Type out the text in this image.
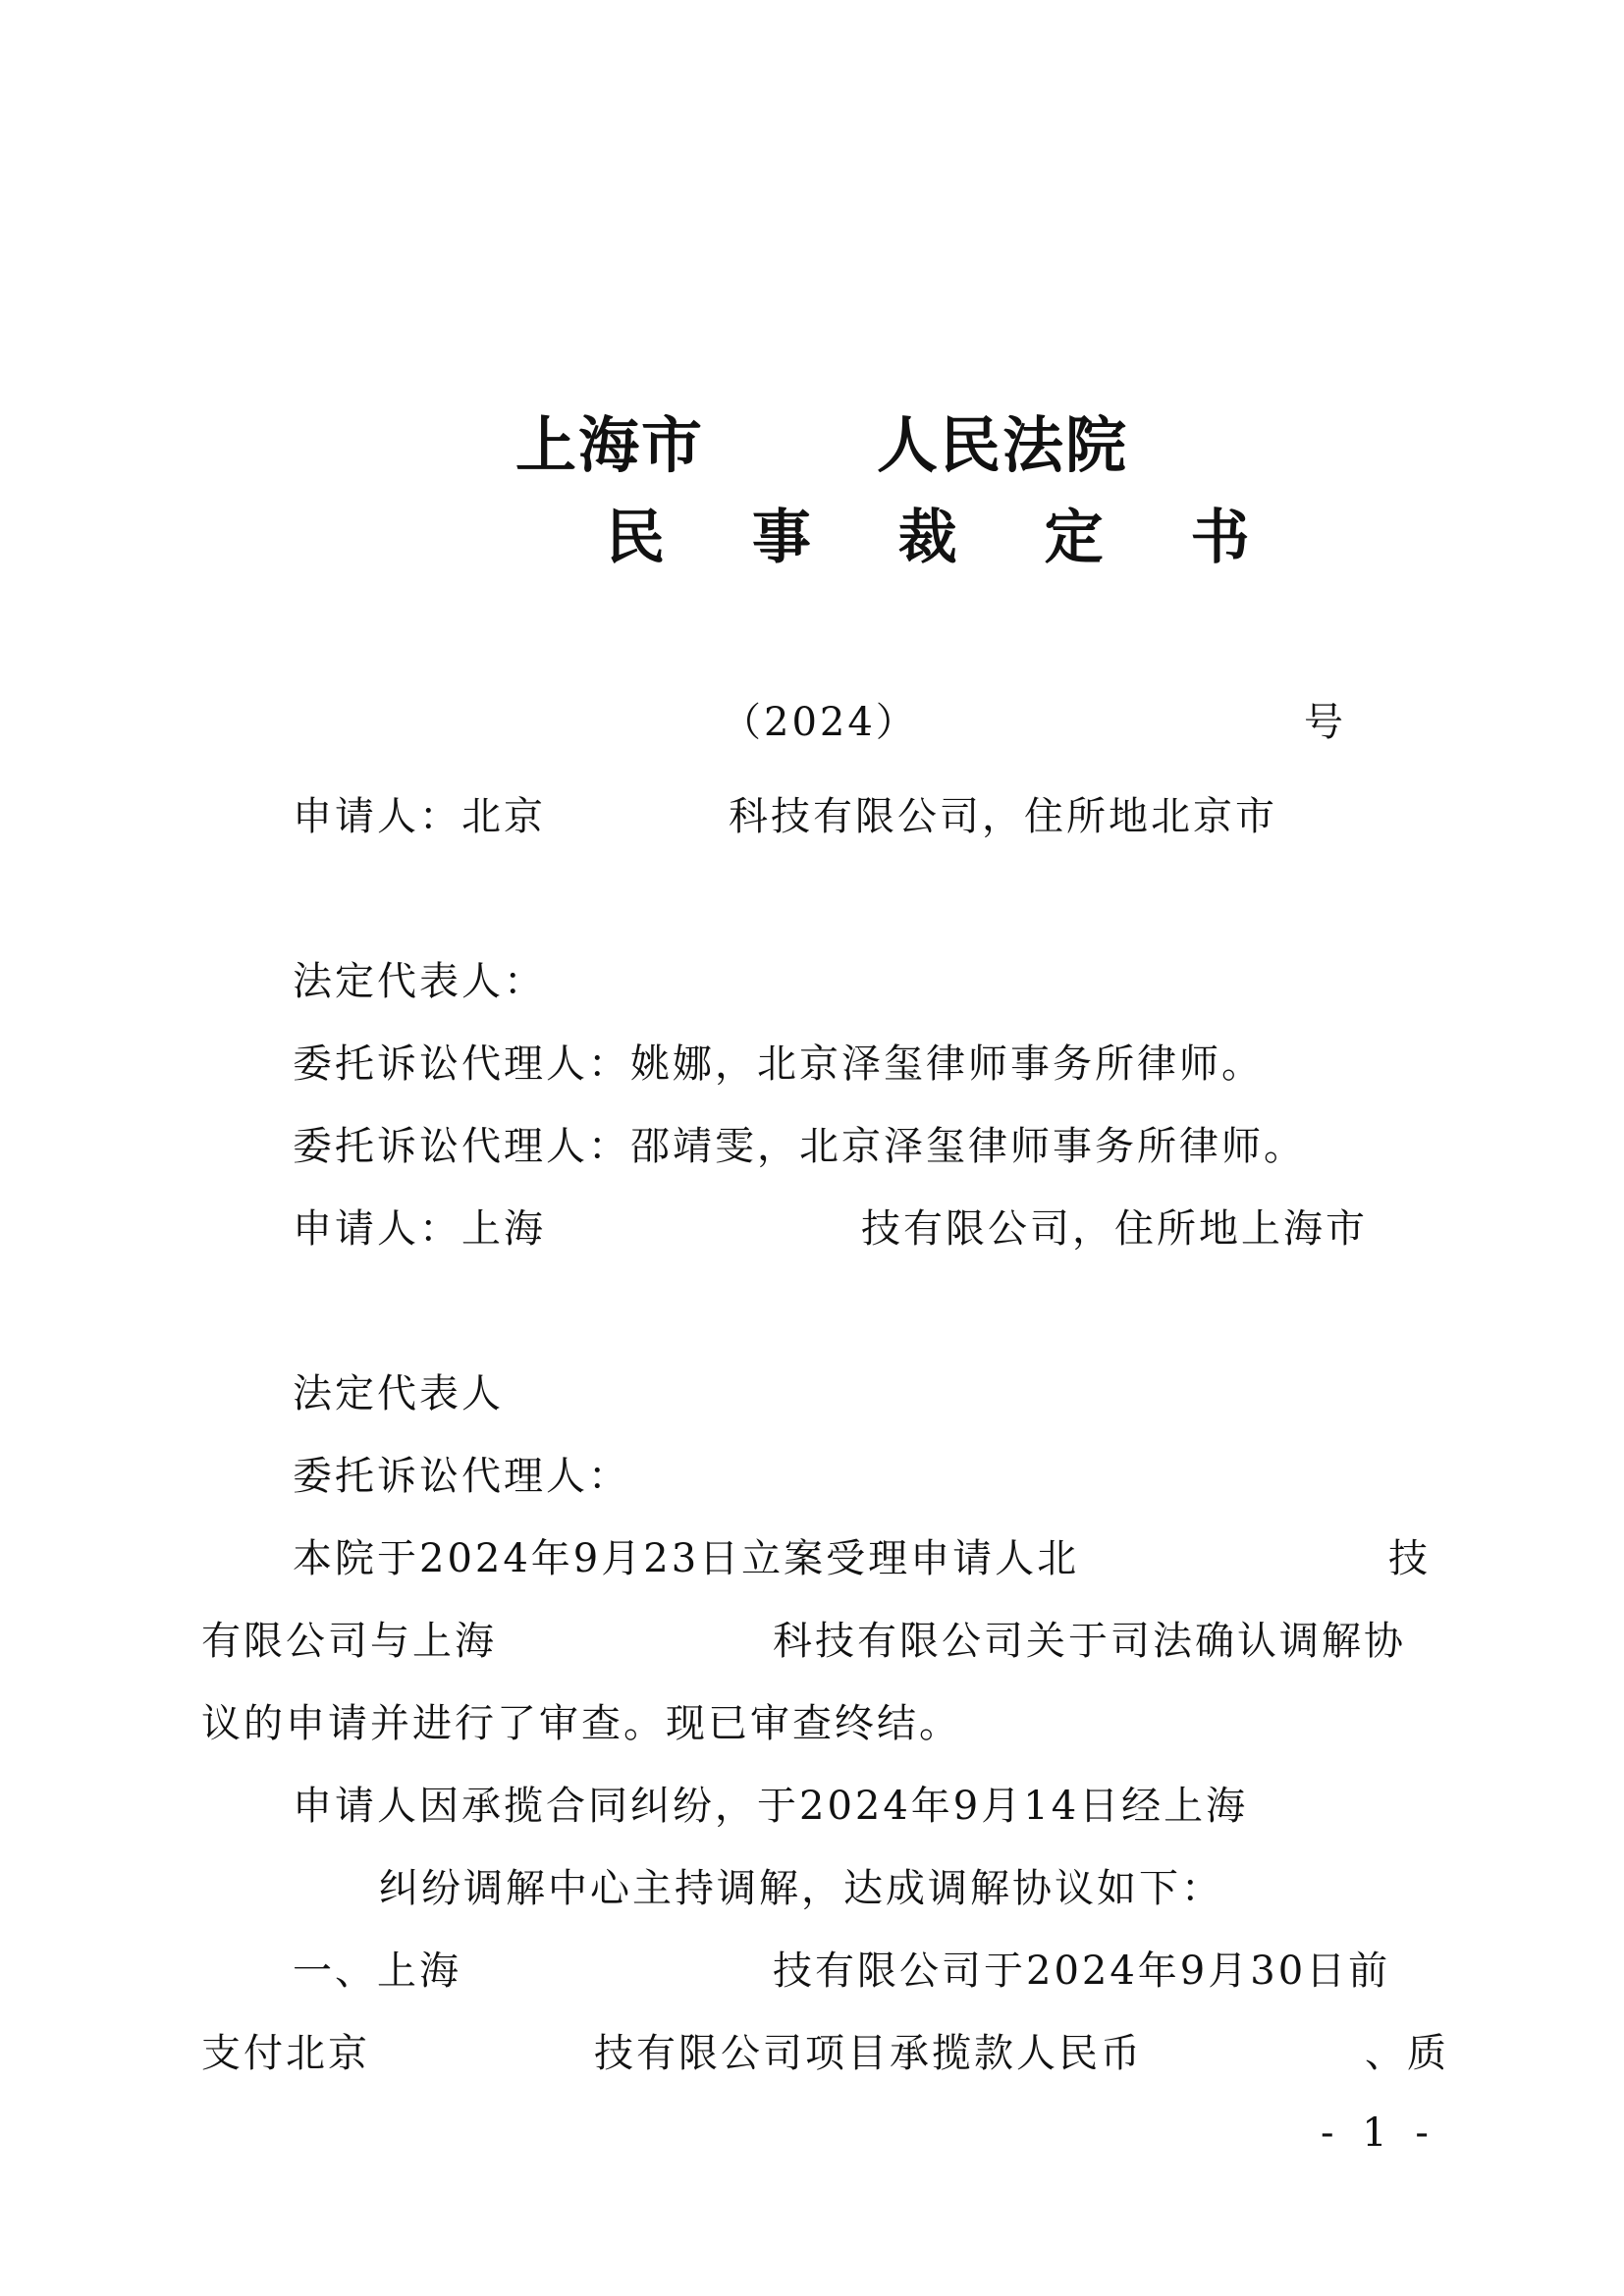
上海市	人民法院
民 事 裁 定 书
（2024）	号
申请人：北京	科技有限公司，住所地北京市
法定代表人：
委托诉讼代理人：姚娜，北京泽玺律师事务所律师。
委托诉讼代理人：邵靖雯，北京泽玺律师事务所律师。
申请人：上海	技有限公司，住所地上海市
法定代表人
委托诉讼代理人：
本院于2024年9月23日立案受理申请人北	技
有限公司与上海	科技有限公司关于司法确认调解协
议的申请并进行了审查。现已审查终结。
申请人因承揽合同纠纷，于2024年9月14日经上海
纠纷调解中心主持调解，达成调解协议如下：
一、上海	技有限公司于2024年9月30日前
支付北京	技有限公司项目承揽款人民币	、质
- 1 -
